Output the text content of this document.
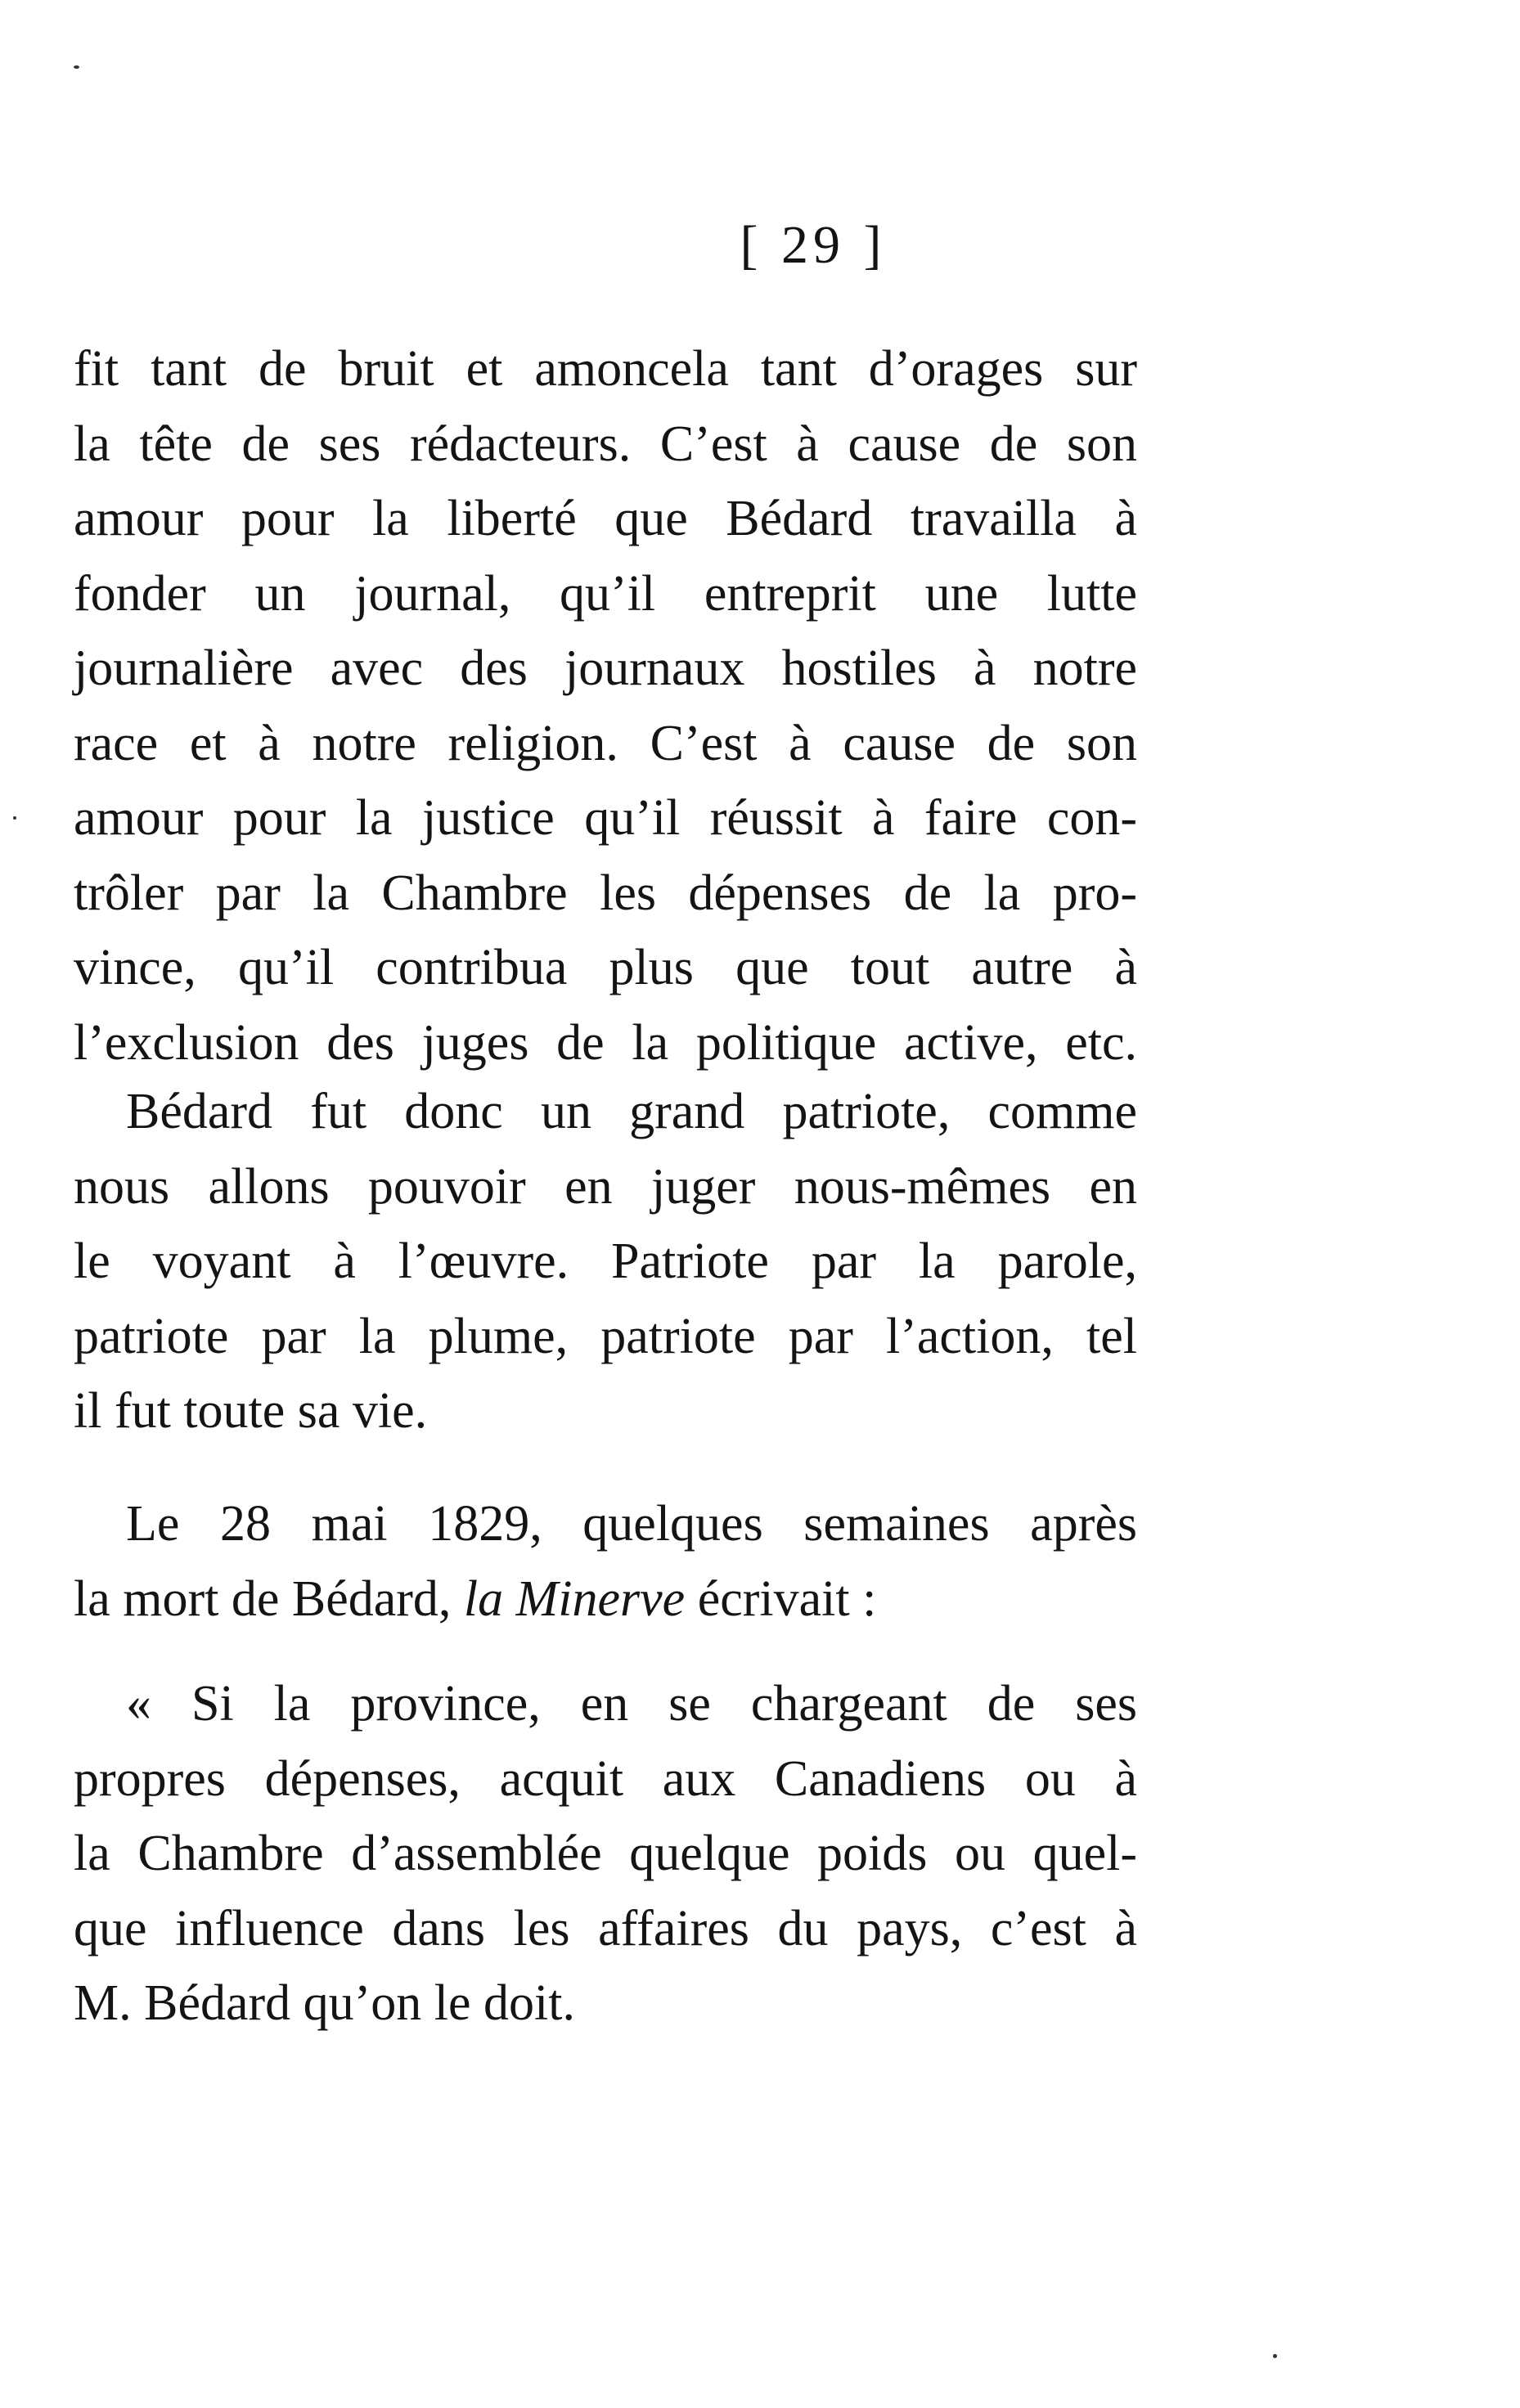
[ 29 ]
fit tant de bruit et amoncela tant d’orages sur
la tête de ses rédacteurs. C’est à cause de son
amour pour la liberté que Bédard travailla à
fonder un journal, qu’il entreprit une lutte
journalière avec des journaux hostiles à notre
race et à notre religion. C’est à cause de son
amour pour la justice qu’il réussit à faire con-
trôler par la Chambre les dépenses de la pro-
vince, qu’il contribua plus que tout autre à
l’exclusion des juges de la politique active, etc.
Bédard fut donc un grand patriote, comme
nous allons pouvoir en juger nous-mêmes en
le voyant à l’œuvre. Patriote par la parole,
patriote par la plume, patriote par l’action, tel
il fut toute sa vie.
Le 28 mai 1829, quelques semaines après
la mort de Bédard, la Minerve écrivait :
« Si la province, en se chargeant de ses
propres dépenses, acquit aux Canadiens ou à
la Chambre d’assemblée quelque poids ou quel-
que influence dans les affaires du pays, c’est à
M. Bédard qu’on le doit.
